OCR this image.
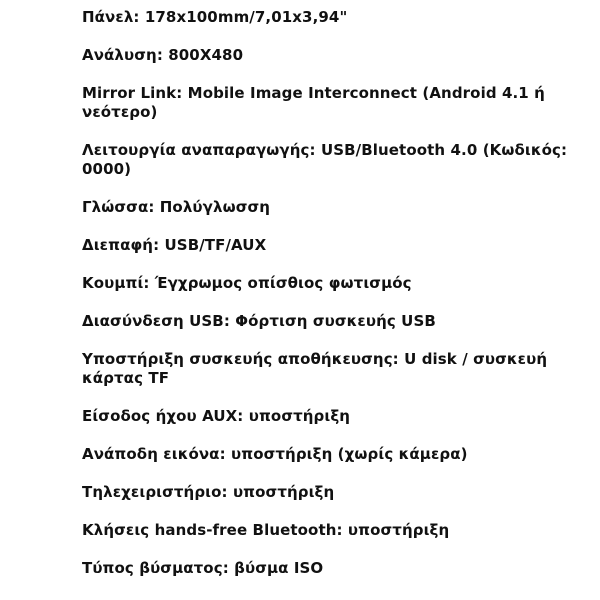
Πάνελ: 178x100mm/7,01x3,94"
Ανάλυση: 800X480
Mirror Link: Mobile Image Interconnect (Android 4.1 ή νεότερο)
Λειτουργία αναπαραγωγής: USB/Bluetooth 4.0 (Κωδικός: 0000)
Γλώσσα: Πολύγλωσση
Διεπαφή: USB/TF/AUX
Κουμπί: Έγχρωμος οπίσθιος φωτισμός
Διασύνδεση USB: Φόρτιση συσκευής USB
Υποστήριξη συσκευής αποθήκευσης: U disk / συσκευή κάρτας TF
Είσοδος ήχου AUX: υποστήριξη
Ανάποδη εικόνα: υποστήριξη (χωρίς κάμερα)
Τηλεχειριστήριο: υποστήριξη
Κλήσεις hands-free Bluetooth: υποστήριξη
Τύπος βύσματος: βύσμα ISO
